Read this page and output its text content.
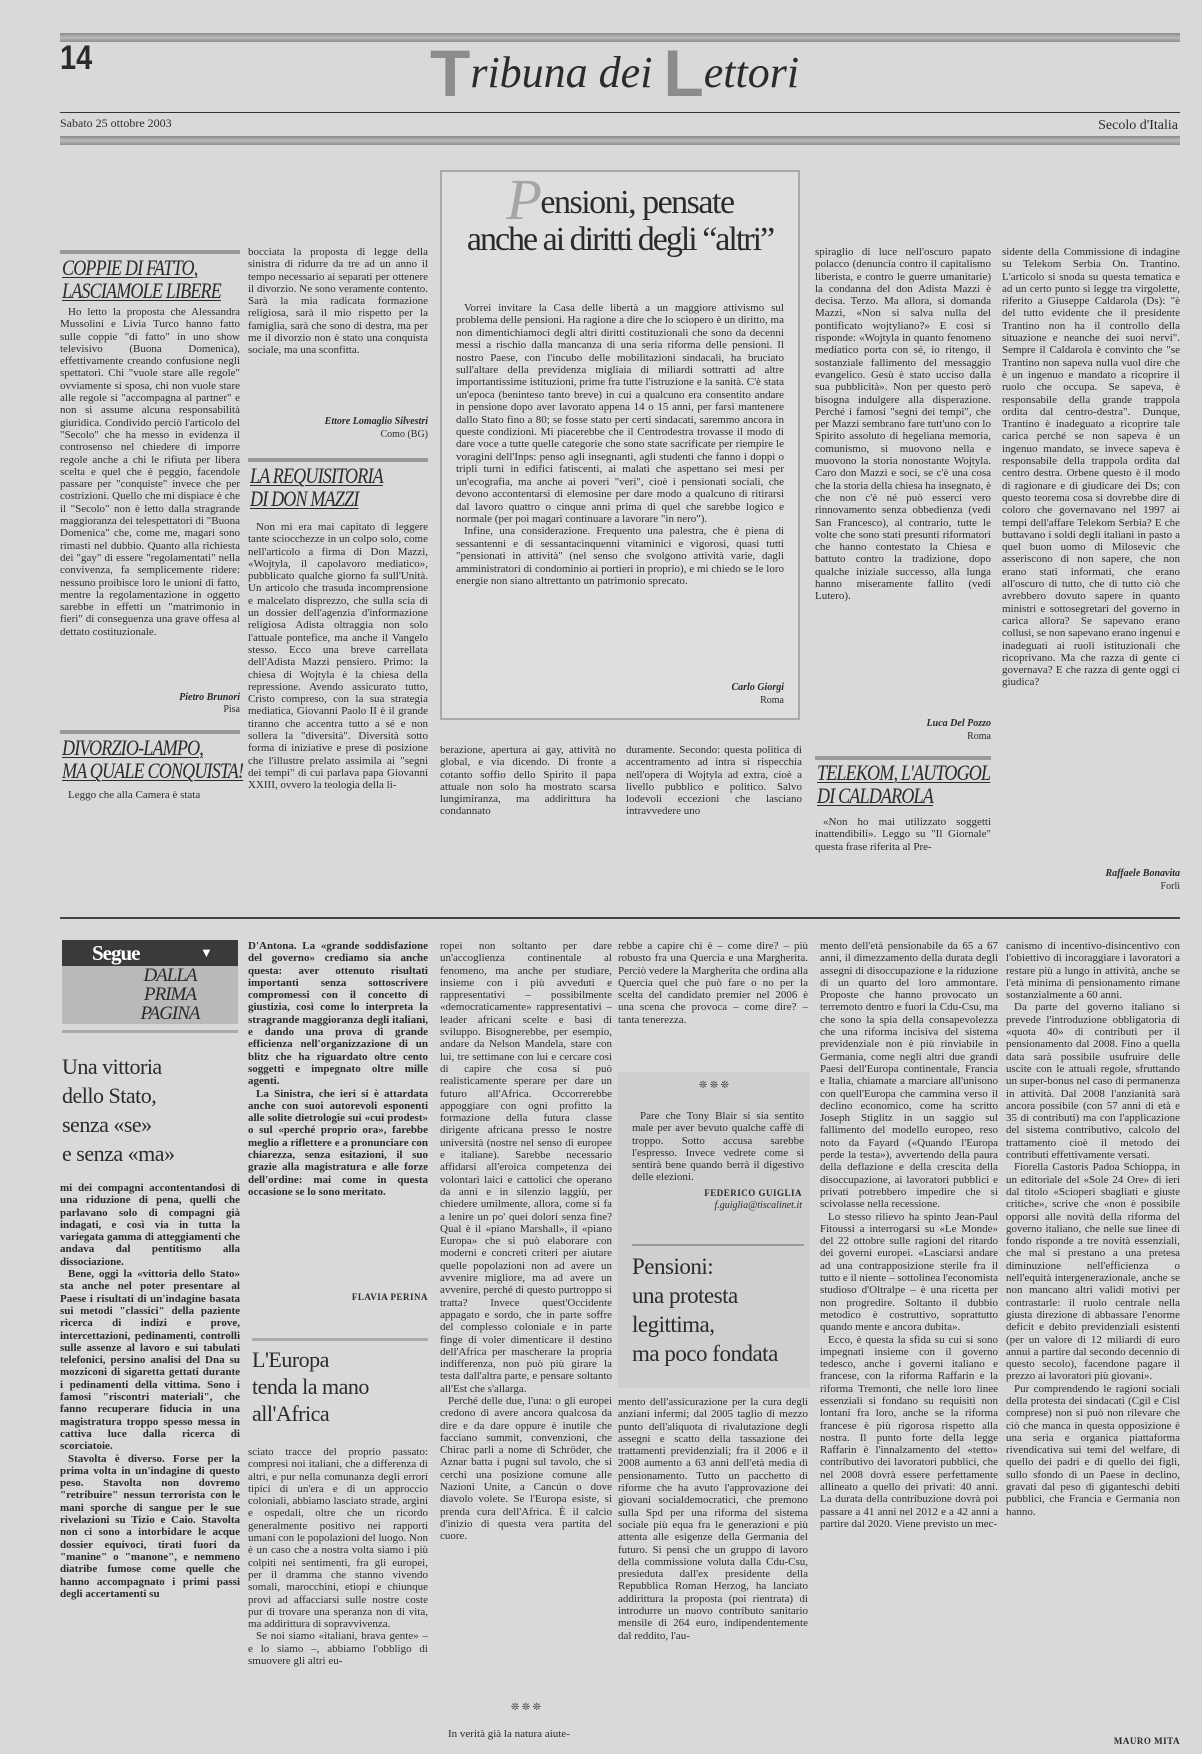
14	Tribuna dei Lettori
Sabato 25 ottobre 2003	Secolo d'Italia
COPPIE DI FATTO,
LASCIAMOLE LIBERE

Ho letto la proposta che Alessandra Mussolini e Livia Turco hanno fatto sulle coppie "di fatto" in uno show televisivo (Buona Domenica), effettivamente creando confusione negli spettatori. Chi "vuole stare alle regole" ovviamente si sposa, chi non vuole stare alle regole si "accompagna al partner" e non si assume alcuna responsabilità giuridica. Condivido perciò l'articolo del "Secolo" che ha messo in evidenza il controsenso nel chiedere di imporre regole anche a chi le rifiuta per libera scelta e quel che è peggio, facendole passare per "conquiste" invece che per costrizioni. Quello che mi dispiace è che il "Secolo" non è letto dalla stragrande maggioranza dei telespettatori di "Buona Domenica" che, come me, magari sono rimasti nel dubbio. Quanto alla richiesta dei "gay" di essere "regolamentati" nella convivenza, fa semplicemente ridere: nessuno proibisce loro le unioni di fatto, mentre la regolamentazione in oggetto sarebbe in effetti un "matrimonio in fieri" di conseguenza una grave offesa al dettato costituzionale.

Pietro Brunori
Pisa
DIVORZIO-LAMPO,
MA QUALE CONQUISTA!

Leggo che alla Camera è stata

bocciata la proposta di legge della sinistra di ridurre da tre ad un anno il tempo necessario ai separati per ottenere il divorzio. Ne sono veramente contento. Sarà la mia radicata formazione religiosa, sarà il mio rispetto per la famiglia, sarà che sono di destra, ma per me il divorzio non è stato una conquista sociale, ma una sconfitta.

Ettore Lomaglio Silvestri
Como (BG)
LA REQUISITORIA
DI DON MAZZI

Non mi era mai capitato di leggere tante sciocchezze in un colpo solo, come nell'articolo a firma di Don Mazzi, «Wojtyla, il capolavoro mediatico», pubblicato qualche giorno fa sull'Unità. Un articolo che trasuda incomprensione e malcelato disprezzo, che sulla scia di un dossier dell'agenzia d'informazione religiosa Adista oltraggia non solo l'attuale pontefice, ma anche il Vangelo stesso. Ecco una breve carrellata dell'Adista Mazzi pensiero. Primo: la chiesa di Wojtyla è la chiesa della repressione. Avendo assicurato tutto, Cristo compreso, con la sua strategia mediatica, Giovanni Paolo II è il grande tiranno che accentra tutto a sé e non sollera la "diversità". Diversità sotto forma di iniziative e prese di posizione che l'illustre prelato assimila ai "segni dei tempi" di cui parlava papa Giovanni XXIII, ovvero la teologia della li-

Pensioni, pensate
anche ai diritti degli “altri”

Vorrei invitare la Casa delle libertà a un maggiore attivismo sul problema delle pensioni. Ha ragione a dire che lo sciopero è un diritto, ma non dimentichiamoci degli altri diritti costituzionali che sono da decenni messi a rischio dalla mancanza di una seria riforma delle pensioni. Il nostro Paese, con l'incubo delle mobilitazioni sindacali, ha bruciato sull'altare della previdenza migliaia di miliardi sottratti ad altre importantissime istituzioni, prime fra tutte l'istruzione e la sanità. C'è stata un'epoca (beninteso tanto breve) in cui a qualcuno era consentito andare in pensione dopo aver lavorato appena 14 o 15 anni, per farsi mantenere dallo Stato fino a 80; se fosse stato per certi sindacati, saremmo ancora in queste condizioni. Mi piacerebbe che il Centrodestra trovasse il modo di dare voce a tutte quelle categorie che sono state sacrificate per riempire le voragini dell'Inps: penso agli insegnanti, agli studenti che fanno i doppi o tripli turni in edifici fatiscenti, ai malati che aspettano sei mesi per un'ecografia, ma anche ai poveri "veri", cioè i pensionati sociali, che devono accontentarsi di elemosine per dare modo a qualcuno di ritirarsi dal lavoro quattro o cinque anni prima di quel che sarebbe logico e normale (per poi magari continuare a lavorare "in nero").

Infine, una considerazione. Frequento una palestra, che è piena di sessantenni e di sessantacinquenni vitaminici e vigorosi, quasi tutti "pensionati in attività" (nel senso che svolgono attività varie, dagli amministratori di condominio ai portieri in proprio), e mi chiedo se le loro energie non siano altrettanto un patrimonio sprecato.

Carlo Giorgi
Roma

berazione, apertura ai gay, attività no global, e via dicendo. Di fronte a cotanto soffio dello Spirito il papa attuale non solo ha mostrato scarsa lungimiranza, ma addirittura ha condannato

duramente. Secondo: questa politica di accentramento ad intra si rispecchia nell'opera di Wojtyla ad extra, cioè a livello pubblico e politico. Salvo lodevoli eccezioni che lasciano intravvedere uno

spiraglio di luce nell'oscuro papato polacco (denuncia contro il capitalismo liberista, e contro le guerre umanitarie) la condanna del don Adista Mazzi è decisa. Terzo. Ma allora, si domanda Mazzi, «Non si salva nulla del pontificato wojtyliano?» E così si risponde: «Wojtyla in quanto fenomeno mediatico porta con sé, io ritengo, il sostanziale fallimento del messaggio evangelico. Gesù è stato ucciso dalla sua pubblicità». Non per questo però bisogna indulgere alla disperazione. Perché i famosi "segni dei tempi", che per Mazzi sembrano fare tutt'uno con lo Spirito assoluto di hegeliana memoria, comunismo, si muovono nella e muovono la storia nonostante Wojtyla. Caro don Mazzi e soci, se c'è una cosa che la storia della chiesa ha insegnato, è che non c'è né può esserci vero rinnovamento senza obbedienza (vedi San Francesco), al contrario, tutte le volte che sono stati presunti riformatori che hanno contestato la Chiesa e battuto contro la tradizione, dopo qualche iniziale successo, alla lunga hanno miseramente fallito (vedi Lutero).

Luca Del Pozzo
Roma
TELEKOM, L'AUTOGOL
DI CALDAROLA

«Non ho mai utilizzato soggetti inattendibili». Leggo su "Il Giornale" questa frase riferita al Pre-

sidente della Commissione di indagine su Telekom Serbia On. Trantino. L'articolo si snoda su questa tematica e ad un certo punto si legge tra virgolette, riferito a Giuseppe Caldarola (Ds): "è del tutto evidente che il presidente Trantino non ha il controllo della situazione e neanche dei suoi nervi". Sempre il Caldarola è convinto che "se Trantino non sapeva nulla vuol dire che è un ingenuo e mandato a ricoprire il ruolo che occupa. Se sapeva, è responsabile della grande trappola ordita dal centro-destra". Dunque, Trantino è inadeguato a ricoprire tale carica perché se non sapeva è un ingenuo mandato, se invece sapeva è responsabile della trappola ordita dal centro destra. Orbene questo è il modo di ragionare e di giudicare dei Ds; con questo teorema cosa si dovrebbe dire di coloro che governavano nel 1997 ai tempi dell'affare Telekom Serbia? E che buttavano i soldi degli italiani in pasto a quel buon uomo di Milosevic che asseriscono di non sapere, che non erano stati informati, che erano all'oscuro di tutto, che di tutto ciò che avrebbero dovuto sapere in quanto ministri e sottosegretari del governo in carica allora? Se sapevano erano collusi, se non sapevano erano ingenui e inadeguati ai ruoli istituzionali che ricoprivano. Ma che razza di gente ci governava? E che razza di gente oggi ci giudica?

Raffaele Bonavita
Forlì
Segue	▼
DALLA
PRIMA
PAGINA
Una vittoria
dello Stato,
senza «se»
e senza «ma»

mi dei compagni accontentandosi di una riduzione di pena, quelli che parlavano solo di compagni già indagati, e così via in tutta la variegata gamma di atteggiamenti che andava dal pentitismo alla dissociazione.

Bene, oggi la «vittoria dello Stato» sta anche nel poter presentare al Paese i risultati di un'indagine basata sui metodi "classici" della paziente ricerca di indizi e prove, intercettazioni, pedinamenti, controlli sulle assenze al lavoro e sui tabulati telefonici, persino analisi del Dna su mozziconi di sigaretta gettati durante i pedinamenti della vittima. Sono i famosi "riscontri materiali", che fanno recuperare fiducia in una magistratura troppo spesso messa in cattiva luce dalla ricerca di scorciatoie.

Stavolta è diverso. Forse per la prima volta in un'indagine di questo peso. Stavolta non dovremo "retribuire" nessun terrorista con le mani sporche di sangue per le sue rivelazioni su Tizio e Caio. Stavolta non ci sono a intorbidare le acque dossier equivoci, tirati fuori da "manine" o "manone", e nemmeno diatribe fumose come quelle che hanno accompagnato i primi passi degli accertamenti su

D'Antona. La «grande soddisfazione del governo» crediamo sia anche questa: aver ottenuto risultati importanti senza sottoscrivere compromessi con il concetto di giustizia, così come lo interpreta la stragrande maggioranza degli italiani, e dando una prova di grande efficienza nell'organizzazione di un blitz che ha riguardato oltre cento soggetti e impegnato oltre mille agenti.

La Sinistra, che ieri si è attardata anche con suoi autorevoli esponenti alle solite dietrologie sui «cui prodest» o sul «perché proprio ora», farebbe meglio a riflettere e a pronunciare con chiarezza, senza esitazioni, il suo grazie alla magistratura e alle forze dell'ordine: mai come in questa occasione se lo sono meritato.

FLAVIA PERINA
L'Europa
tenda la mano
all'Africa

sciato tracce del proprio passato: compresi noi italiani, che a differenza di altri, e pur nella comunanza degli errori tipici di un'era e di un approccio coloniali, abbiamo lasciato strade, argini e ospedali, oltre che un ricordo generalmente positivo nei rapporti umani con le popolazioni del luogo. Non è un caso che a nostra volta siamo i più colpiti nei sentimenti, fra gli europei, per il dramma che stanno vivendo somali, marocchini, etiopi e chiunque provi ad affacciarsi sulle nostre coste pur di trovare una speranza non di vita, ma addirittura di sopravvivenza.

Se noi siamo «italiani, brava gente» – e lo siamo –, abbiamo l'obbligo di smuovere gli altri eu-

ropei non soltanto per dare un'accoglienza continentale al fenomeno, ma anche per studiare, insieme con i più avveduti e rappresentativi – possibilmente «democraticamente» rappresentativi – leader africani scelte e basi di sviluppo. Bisognerebbe, per esempio, andare da Nelson Mandela, stare con lui, tre settimane con lui e cercare così di capire che cosa si può realisticamente sperare per dare un futuro all'Africa. Occorrerebbe appoggiare con ogni profitto la formazione della futura classe dirigente africana presso le nostre università (nostre nel senso di europee e italiane). Sarebbe necessario affidarsi all'eroica competenza dei volontari laici e cattolici che operano da anni e in silenzio laggiù, per chiedere umilmente, allora, come si fa a lenire un po' quei dolori senza fine? Qual è il «piano Marshall», il «piano Europa» che si può elaborare con moderni e concreti criteri per aiutare quelle popolazioni non ad avere un avvenire migliore, ma ad avere un avvenire, perché di questo purtroppo si tratta? Invece quest'Occidente appagato e sordo, che in parte soffre del complesso coloniale e in parte finge di voler dimenticare il destino dell'Africa per mascherare la propria indifferenza, non può più girare la testa dall'altra parte, e pensare soltanto all'Est che s'allarga.

Perché delle due, l'una: o gli europei credono di avere ancora qualcosa da dire e da dare oppure è inutile che facciano summit, convenzioni, che Chirac parli a nome di Schröder, che Aznar batta i pugni sul tavolo, che si cerchi una posizione comune alle Nazioni Unite, a Cancún o dove diavolo volete. Se l'Europa esiste, si prenda cura dell'Africa. È il calcio d'inizio di questa vera partita del cuore.

❊ ❊ ❊

In verità già la natura aiute-

rebbe a capire chi è – come dire? – più robusto fra una Quercia e una Margherita. Perciò vedere la Margherita che ordina alla Quercia quel che può fare o no per la scelta del candidato premier nel 2006 è una scena che provoca – come dire? – tanta tenerezza.

❊ ❊ ❊

Pare che Tony Blair si sia sentito male per aver bevuto qualche caffè di troppo. Sotto accusa sarebbe l'espresso. Invece vedrete come si sentirà bene quando berrà il digestivo delle elezioni.

FEDERICO GUIGLIA
f.guiglia@tiscalinet.it
Pensioni:
una protesta
legittima,
ma poco fondata

mento dell'assicurazione per la cura degli anziani infermi; dal 2005 taglio di mezzo punto dell'aliquota di rivalutazione degli assegni e scatto della tassazione dei trattamenti previdenziali; fra il 2006 e il 2008 aumento a 63 anni dell'età media di pensionamento. Tutto un pacchetto di riforme che ha avuto l'approvazione dei giovani socialdemocratici, che premono sulla Spd per una riforma del sistema sociale più equa fra le generazioni e più attenta alle esigenze della Germania del futuro. Si pensi che un gruppo di lavoro della commissione voluta dalla Cdu-Csu, presieduta dall'ex presidente della Repubblica Roman Herzog, ha lanciato addirittura la proposta (poi rientrata) di introdurre un nuovo contributo sanitario mensile di 264 euro, indipendentemente dal reddito, l'au-

mento dell'età pensionabile da 65 a 67 anni, il dimezzamento della durata degli assegni di disoccupazione e la riduzione di un quarto del loro ammontare. Proposte che hanno provocato un terremoto dentro e fuori la Cdu-Csu, ma che sono la spia della consapevolezza che una riforma incisiva del sistema previdenziale non è più rinviabile in Germania, come negli altri due grandi Paesi dell'Europa continentale, Francia e Italia, chiamate a marciare all'unisono con quell'Europa che cammina verso il declino economico, come ha scritto Joseph Stiglitz in un saggio sul fallimento del modello europeo, reso noto da Fayard («Quando l'Europa perde la testa»), avvertendo della paura della deflazione e della crescita della disoccupazione, ai lavoratori pubblici e privati potrebbero impedire che si scivolasse nella recessione.

Lo stesso rilievo ha spinto Jean-Paul Fitoussi a interrogarsi su «Le Monde» del 22 ottobre sulle ragioni del ritardo dei governi europei. «Lasciarsi andare ad una contrapposizione sterile fra il tutto e il niente – sottolinea l'economista studioso d'Oltralpe – è una ricetta per non progredire. Soltanto il dubbio metodico è costruttivo, soprattutto quando mente e ancora dubita».

Ecco, è questa la sfida su cui si sono impegnati insieme con il governo tedesco, anche i governi italiano e francese, con la riforma Raffarin e la riforma Tremonti, che nelle loro linee essenziali si fondano su requisiti non lontani fra loro, anche se la riforma francese è più rigorosa rispetto alla nostra. Il punto forte della legge Raffarin è l'innalzamento del «tetto» contributivo dei lavoratori pubblici, che nel 2008 dovrà essere perfettamente allineato a quello dei privati: 40 anni. La durata della contribuzione dovrà poi passare a 41 anni nel 2012 e a 42 anni a partire dal 2020. Viene previsto un mec-

canismo di incentivo-disincentivo con l'obiettivo di incoraggiare i lavoratori a restare più a lungo in attività, anche se l'età minima di pensionamento rimane sostanzialmente a 60 anni.

Da parte del governo italiano si prevede l'introduzione obbligatoria di «quota 40» di contributi per il pensionamento dal 2008. Fino a quella data sarà possibile usufruire delle uscite con le attuali regole, sfruttando un super-bonus nel caso di permanenza in attività. Dal 2008 l'anzianità sarà ancora possibile (con 57 anni di età e 35 di contributi) ma con l'applicazione del sistema contributivo, calcolo del trattamento cioè il metodo dei contributi effettivamente versati.

Fiorella Castoris Padoa Schioppa, in un editoriale del «Sole 24 Ore» di ieri dal titolo «Scioperi sbagliati e giuste critiche», scrive che «non è possibile opporsi alle novità della riforma del governo italiano, che nelle sue linee di fondo risponde a tre novità essenziali, che mal si prestano a una pretesa diminuzione nell'efficienza o nell'equità intergenerazionale, anche se non mancano altri validi motivi per contrastarle: il ruolo centrale nella giusta direzione di abbassare l'enorme deficit e debito previdenziali esistenti (per un valore di 12 miliardi di euro annui a partire dal secondo decennio di questo secolo), facendone pagare il prezzo ai lavoratori più giovani».

Pur comprendendo le ragioni sociali della protesta dei sindacati (Cgil e Cisl comprese) non si può non rilevare che ciò che manca in questa opposizione è una seria e organica piattaforma rivendicativa sui temi del welfare, di quello dei padri e di quello dei figli, sullo sfondo di un Paese in declino, gravati dal peso di giganteschi debiti pubblici, che Francia e Germania non hanno.

MAURO MITA
